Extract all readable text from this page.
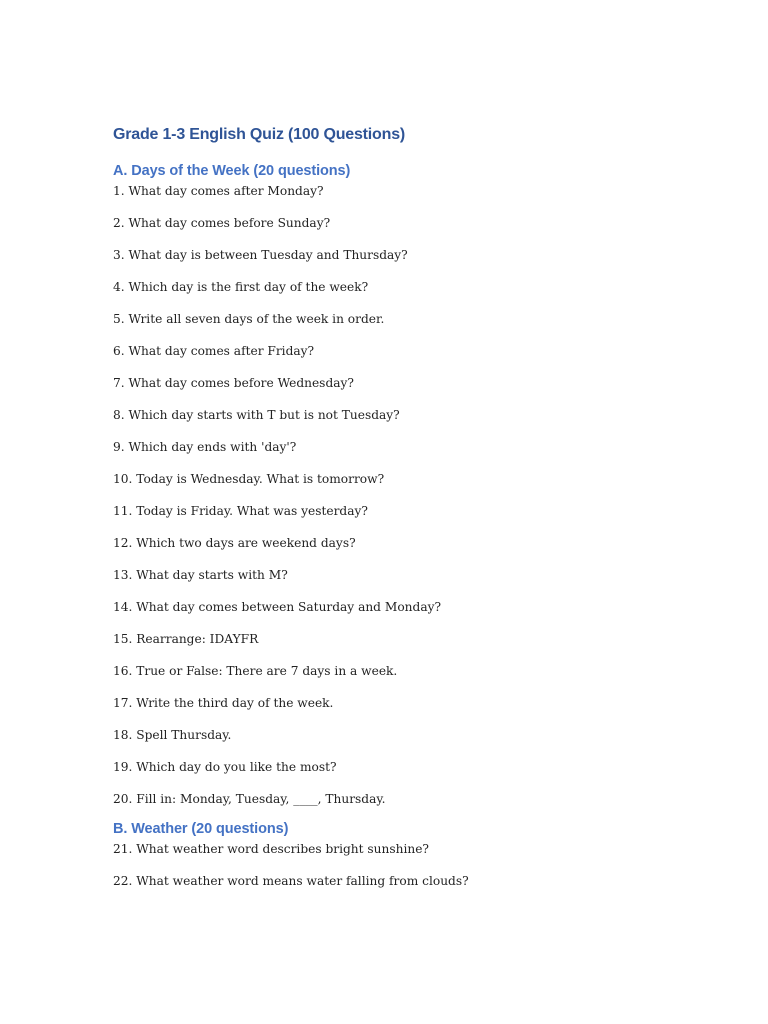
Grade 1-3 English Quiz (100 Questions)
A. Days of the Week (20 questions)
1. What day comes after Monday?
2. What day comes before Sunday?
3. What day is between Tuesday and Thursday?
4. Which day is the first day of the week?
5. Write all seven days of the week in order.
6. What day comes after Friday?
7. What day comes before Wednesday?
8. Which day starts with T but is not Tuesday?
9. Which day ends with 'day'?
10. Today is Wednesday. What is tomorrow?
11. Today is Friday. What was yesterday?
12. Which two days are weekend days?
13. What day starts with M?
14. What day comes between Saturday and Monday?
15. Rearrange: IDAYFR
16. True or False: There are 7 days in a week.
17. Write the third day of the week.
18. Spell Thursday.
19. Which day do you like the most?
20. Fill in: Monday, Tuesday, ____, Thursday.
B. Weather (20 questions)
21. What weather word describes bright sunshine?
22. What weather word means water falling from clouds?
